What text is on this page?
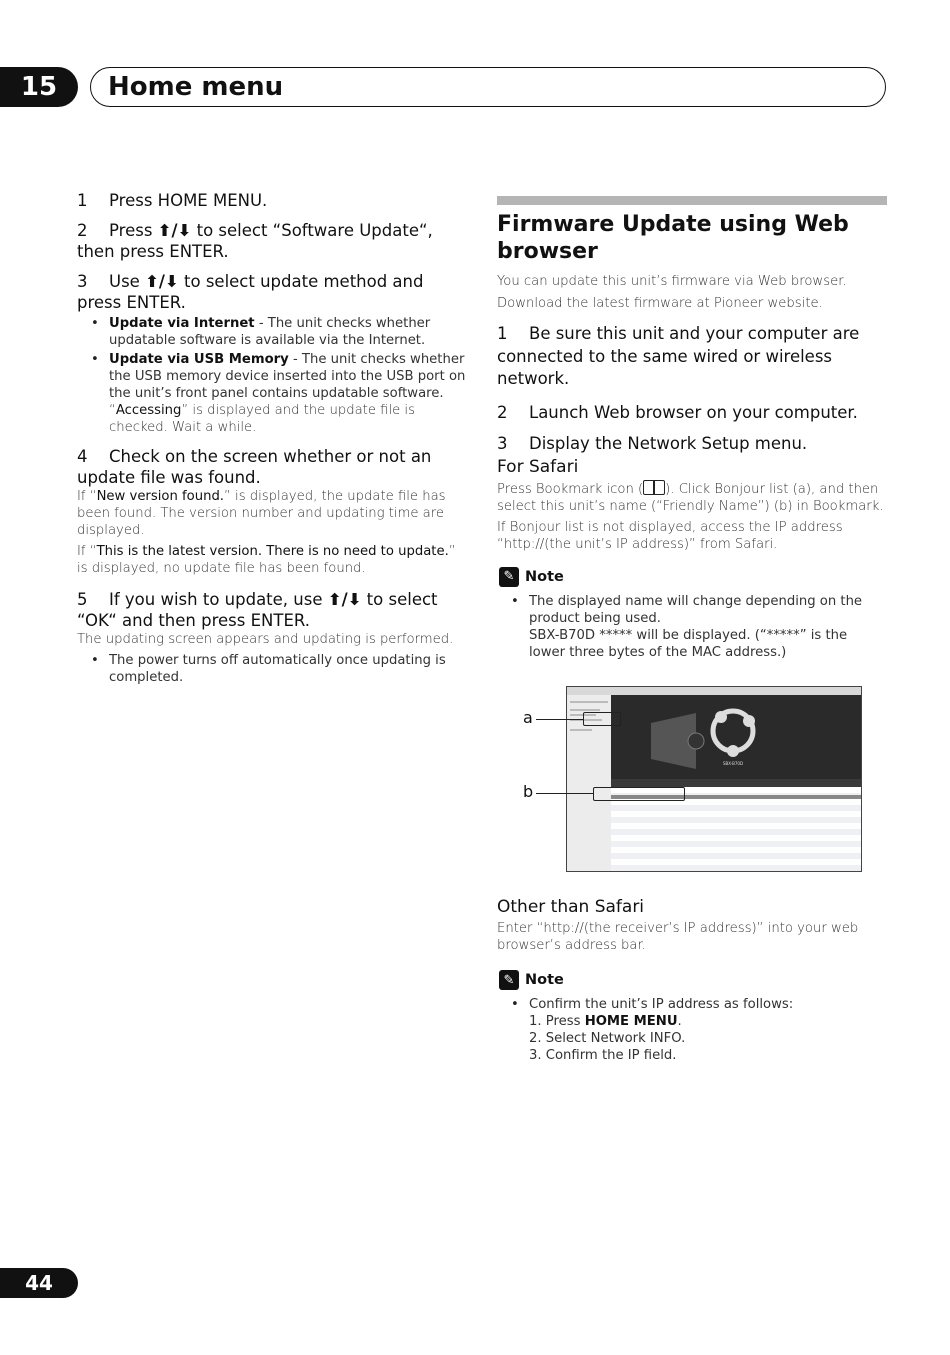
15	Home menu

1 Press HOME MENU.

2 Press ⬆/⬇ to select “Software Update“, then press ENTER.

3 Use ⬆/⬇ to select update method and press ENTER.

• Update via Internet - The unit checks whether updatable software is available via the Internet.
• Update via USB Memory - The unit checks whether the USB memory device inserted into the USB port on the unit’s front panel contains updatable software.

“Accessing” is displayed and the update file is checked. Wait a while.

4 Check on the screen whether or not an update file was found.

If “New version found.” is displayed, the update file has been found. The version number and updating time are displayed.

If “This is the latest version. There is no need to update.” is displayed, no update file has been found.

5 If you wish to update, use ⬆/⬇ to select “OK“ and then press ENTER.

The updating screen appears and updating is performed.

• The power turns off automatically once updating is completed.
Firmware Update using Web browser

You can update this unit’s firmware via Web browser.

Download the latest firmware at Pioneer website.

1 Be sure this unit and your computer are connected to the same wired or wireless network.

2 Launch Web browser on your computer.

3 Display the Network Setup menu.

For Safari

Press Bookmark icon ( ). Click Bonjour list (a), and then select this unit’s name (“Friendly Name”) (b) in Bookmark.

If Bonjour list is not displayed, access the IP address “http://(the unit’s IP address)” from Safari.

✎ Note
• The displayed name will change depending on the product being used.
SBX-B70D ***** will be displayed. (“*****” is the lower three bytes of the MAC address.)
SBX-B70D
a
b

Other than Safari

Enter “http://(the receiver’s IP address)” into your web browser’s address bar.

✎ Note
• Confirm the unit’s IP address as follows:
1. Press HOME MENU.
2. Select Network INFO.
3. Confirm the IP field.
44
